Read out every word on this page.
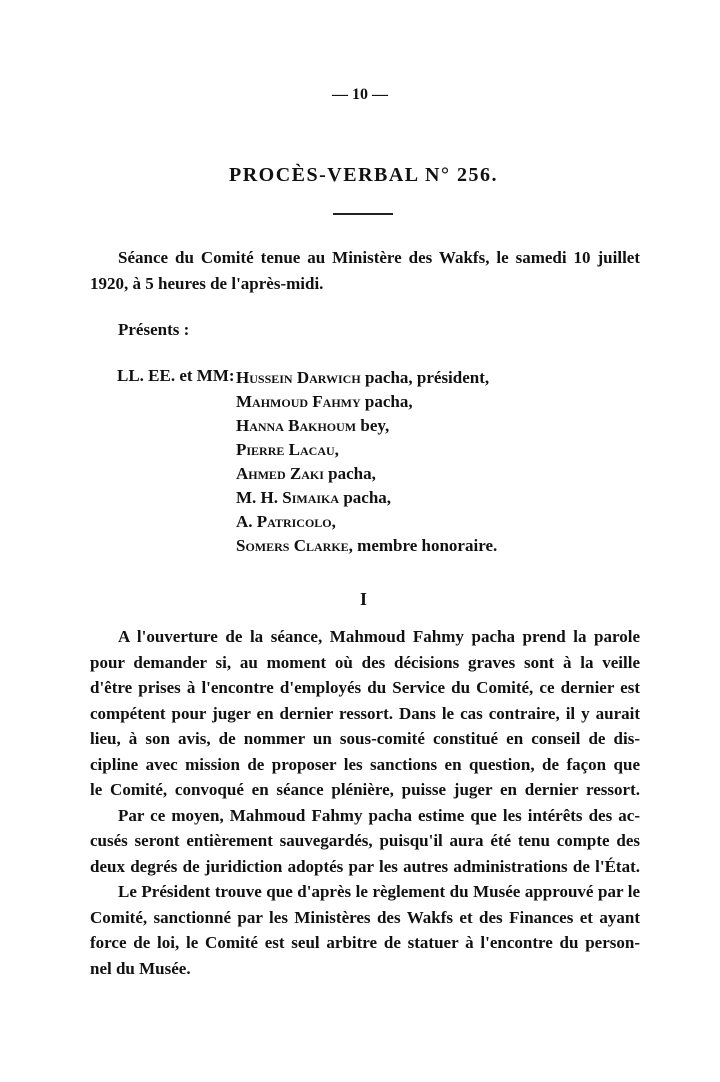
— 10 —
PROCÈS-VERBAL N° 256.
Séance du Comité tenue au Ministère des Wakfs, le samedi 10 juillet
1920, à 5 heures de l'après-midi.
Présents :
LL. EE. et MM: Hussein Darwich pacha, président,
Mahmoud Fahmy pacha,
Hanna Bakhoum bey,
Pierre Lacau,
Ahmed Zaki pacha,
M. H. Simaika pacha,
A. Patricolo,
Somers Clarke, membre honoraire.
I
A l'ouverture de la séance, Mahmoud Fahmy pacha prend la parole
pour demander si, au moment où des décisions graves sont à la veille
d'être prises à l'encontre d'employés du Service du Comité, ce dernier est
compétent pour juger en dernier ressort. Dans le cas contraire, il y aurait
lieu, à son avis, de nommer un sous-comité constitué en conseil de dis-
cipline avec mission de proposer les sanctions en question, de façon que
le Comité, convoqué en séance plénière, puisse juger en dernier ressort.
Par ce moyen, Mahmoud Fahmy pacha estime que les intérêts des ac-
cusés seront entièrement sauvegardés, puisqu'il aura été tenu compte des
deux degrés de juridiction adoptés par les autres administrations de l'État.
Le Président trouve que d'après le règlement du Musée approuvé par le
Comité, sanctionné par les Ministères des Wakfs et des Finances et ayant
force de loi, le Comité est seul arbitre de statuer à l'encontre du person-
nel du Musée.
